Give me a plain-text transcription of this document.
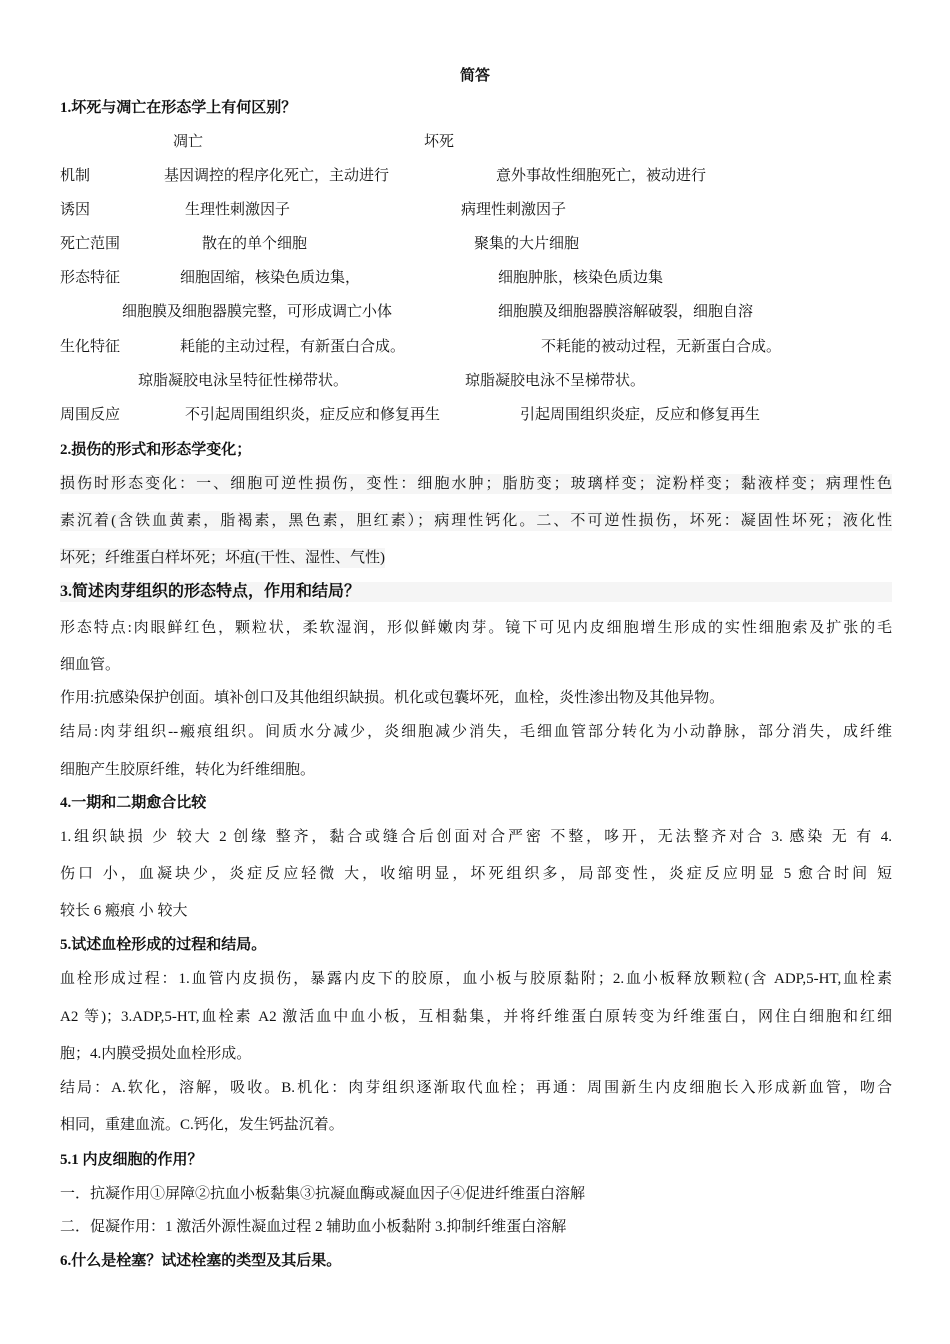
简答
1.坏死与凋亡在形态学上有何区别？
凋亡	坏死
机制	基因调控的程序化死亡，主动进行	意外事故性细胞死亡，被动进行
诱因	生理性刺激因子	病理性刺激因子
死亡范围	散在的单个细胞	聚集的大片细胞
形态特征	细胞固缩，核染色质边集，	细胞肿胀，核染色质边集
细胞膜及细胞器膜完整，可形成调亡小体	细胞膜及细胞器膜溶解破裂，细胞自溶
生化特征	耗能的主动过程，有新蛋白合成。	不耗能的被动过程，无新蛋白合成。
琼脂凝胶电泳呈特征性梯带状。	琼脂凝胶电泳不呈梯带状。
周围反应	不引起周围组织炎，症反应和修复再生	引起周围组织炎症，反应和修复再生
2.损伤的形式和形态学变化；
损伤时形态变化：一、细胞可逆性损伤，变性：细胞水肿；脂肪变；玻璃样变；淀粉样变；黏液样变；病理性色
素沉着(含铁血黄素，脂褐素，黑色素，胆红素）；病理性钙化。二、不可逆性损伤，坏死：凝固性坏死；液化性
坏死；纤维蛋白样坏死；坏疽(干性、湿性、气性)
3.简述肉芽组织的形态特点，作用和结局？
形态特点:肉眼鲜红色，颗粒状，柔软湿润，形似鲜嫩肉芽。镜下可见内皮细胞增生形成的实性细胞索及扩张的毛
细血管。
作用:抗感染保护创面。填补创口及其他组织缺损。机化或包囊坏死，血栓，炎性渗出物及其他异物。
结局:肉芽组织--瘢痕组织。间质水分减少，炎细胞减少消失，毛细血管部分转化为小动静脉，部分消失，成纤维
细胞产生胶原纤维，转化为纤维细胞。
4.一期和二期愈合比较
1.组织缺损 少 较大 2 创缘 整齐，黏合或缝合后创面对合严密 不整，哆开，无法整齐对合 3. 感染 无 有 4.
伤口 小，血凝块少，炎症反应轻微 大，收缩明显，坏死组织多，局部变性，炎症反应明显 5 愈合时间 短
较长 6 瘢痕 小 较大
5.试述血栓形成的过程和结局。
血栓形成过程：1.血管内皮损伤，暴露内皮下的胶原，血小板与胶原黏附；2.血小板释放颗粒(含 ADP,5-HT,血栓素
A2 等)；3.ADP,5-HT,血栓素 A2 激活血中血小板，互相黏集，并将纤维蛋白原转变为纤维蛋白，网住白细胞和红细
胞；4.内膜受损处血栓形成。
结局：A.软化，溶解，吸收。B.机化：肉芽组织逐渐取代血栓；再通：周围新生内皮细胞长入形成新血管，吻合
相同，重建血流。C.钙化，发生钙盐沉着。
5.1 内皮细胞的作用？
一．抗凝作用①屏障②抗血小板黏集③抗凝血酶或凝血因子④促进纤维蛋白溶解
二．促凝作用：1 激活外源性凝血过程 2 辅助血小板黏附 3.抑制纤维蛋白溶解
6.什么是栓塞？试述栓塞的类型及其后果。
